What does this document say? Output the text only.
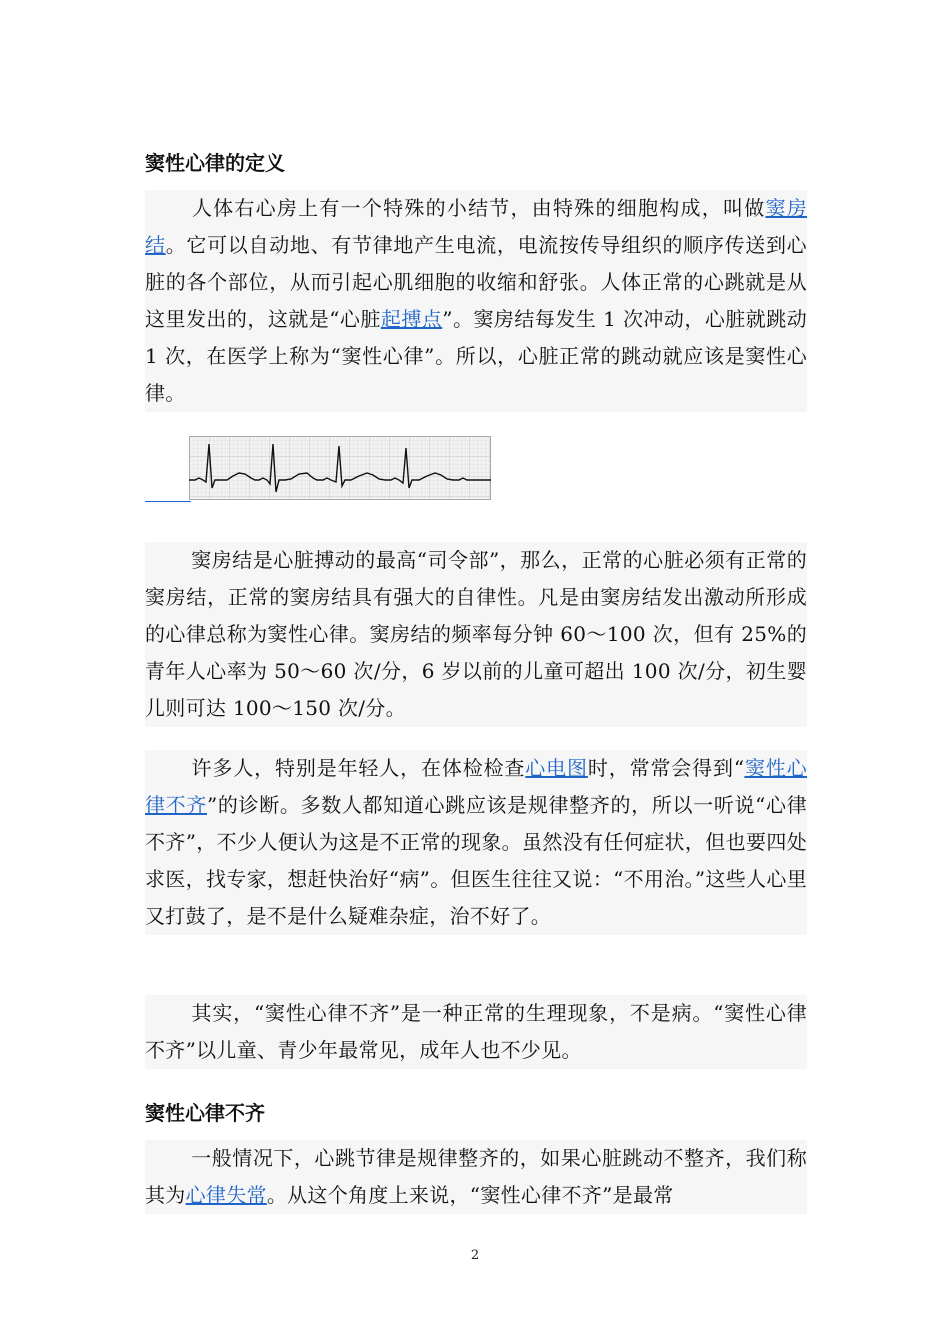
窦性心律的定义

人体右心房上有一个特殊的小结节，由特殊的细胞构成，叫做窦房结。它可以自动地、有节律地产生电流，电流按传导组织的顺序传送到心脏的各个部位，从而引起心肌细胞的收缩和舒张。人体正常的心跳就是从这里发出的，这就是“心脏起搏点”。窦房结每发生 1 次冲动，心脏就跳动 1 次，在医学上称为“窦性心律”。所以，心脏正常的跳动就应该是窦性心律。

窦房结是心脏搏动的最高“司令部”，那么，正常的心脏必须有正常的窦房结，正常的窦房结具有强大的自律性。凡是由窦房结发出激动所形成的心律总称为窦性心律。窦房结的频率每分钟 60～100 次，但有 25%的青年人心率为 50～60 次/分，6 岁以前的儿童可超出 100 次/分，初生婴儿则可达 100～150 次/分。

许多人，特别是年轻人，在体检检查心电图时，常常会得到“窦性心律不齐”的诊断。多数人都知道心跳应该是规律整齐的，所以一听说“心律不齐”，不少人便认为这是不正常的现象。虽然没有任何症状，但也要四处求医，找专家，想赶快治好“病”。但医生往往又说：“不用治。”这些人心里又打鼓了，是不是什么疑难杂症，治不好了。

其实，“窦性心律不齐”是一种正常的生理现象，不是病。“窦性心律不齐”以儿童、青少年最常见，成年人也不少见。

窦性心律不齐

一般情况下，心跳节律是规律整齐的，如果心脏跳动不整齐，我们称其为心律失常。从这个角度上来说，“窦性心律不齐”是最常

2
